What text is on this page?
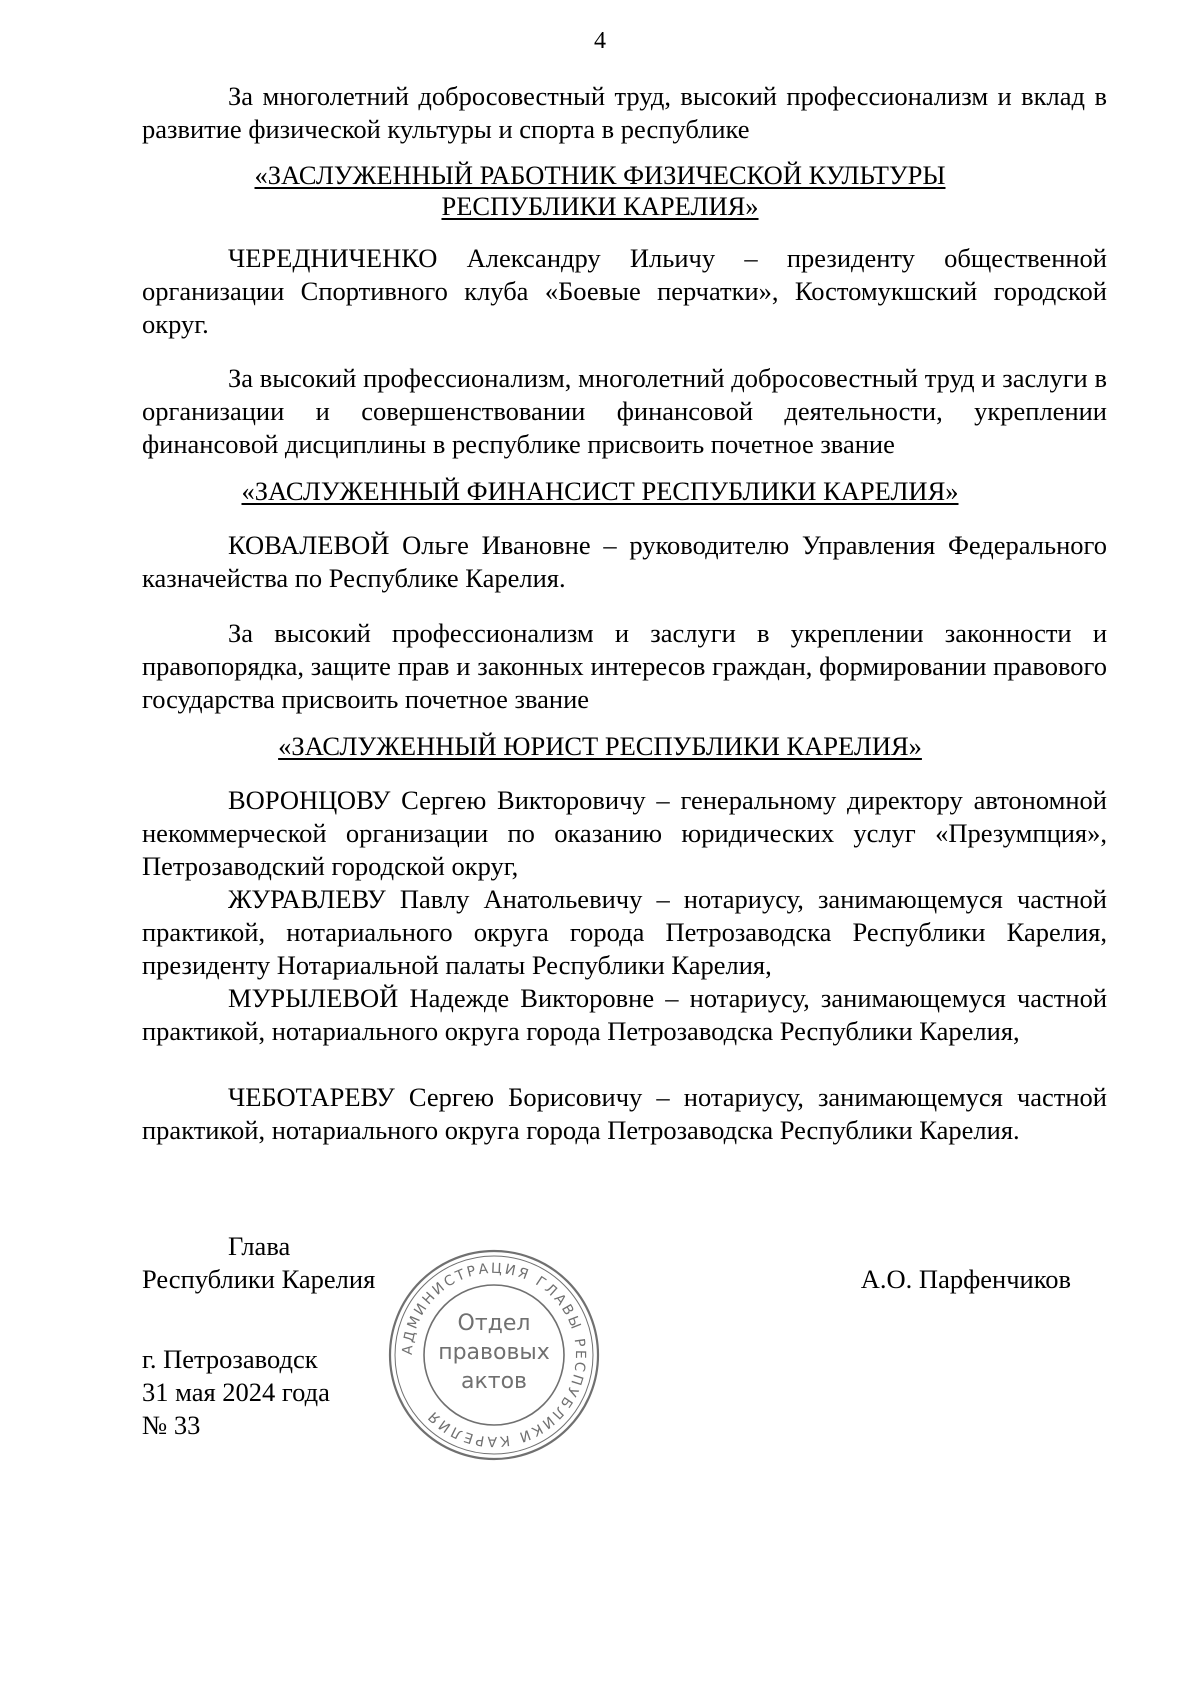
4
За многолетний добросовестный труд, высокий профессионализм и вклад в развитие физической культуры и спорта в республике
«ЗАСЛУЖЕННЫЙ РАБОТНИК ФИЗИЧЕСКОЙ КУЛЬТУРЫ
РЕСПУБЛИКИ КАРЕЛИЯ»
ЧЕРЕДНИЧЕНКО Александру Ильичу – президенту общественной организации Спортивного клуба «Боевые перчатки», Костомукшский городской округ.
За высокий профессионализм, многолетний добросовестный труд и заслуги в организации и совершенствовании финансовой деятельности, укреплении финансовой дисциплины в республике присвоить почетное звание
«ЗАСЛУЖЕННЫЙ ФИНАНСИСТ РЕСПУБЛИКИ КАРЕЛИЯ»
КОВАЛЕВОЙ Ольге Ивановне – руководителю Управления Федерального казначейства по Республике Карелия.
За высокий профессионализм и заслуги в укреплении законности и правопорядка, защите прав и законных интересов граждан, формировании правового государства присвоить почетное звание
«ЗАСЛУЖЕННЫЙ ЮРИСТ РЕСПУБЛИКИ КАРЕЛИЯ»
ВОРОНЦОВУ Сергею Викторовичу – генеральному директору автономной некоммерческой организации по оказанию юридических услуг «Презумпция», Петрозаводский городской округ,
ЖУРАВЛЕВУ Павлу Анатольевичу – нотариусу, занимающемуся частной практикой, нотариального округа города Петрозаводска Республики Карелия, президенту Нотариальной палаты Республики Карелия,
МУРЫЛЕВОЙ Надежде Викторовне – нотариусу, занимающемуся частной практикой, нотариального округа города Петрозаводска Республики Карелия,
ЧЕБОТАРЕВУ Сергею Борисовичу – нотариусу, занимающемуся частной практикой, нотариального округа города Петрозаводска Республики Карелия.
Глава
Республики Карелия	А.О. Парфенчиков
г. Петрозаводск
31 мая 2024 года
№ 33
АДМИНИСТРАЦИЯ ГЛАВЫ РЕСПУБЛИКИ КАРЕЛИЯ
Отдел
правовых
актов
